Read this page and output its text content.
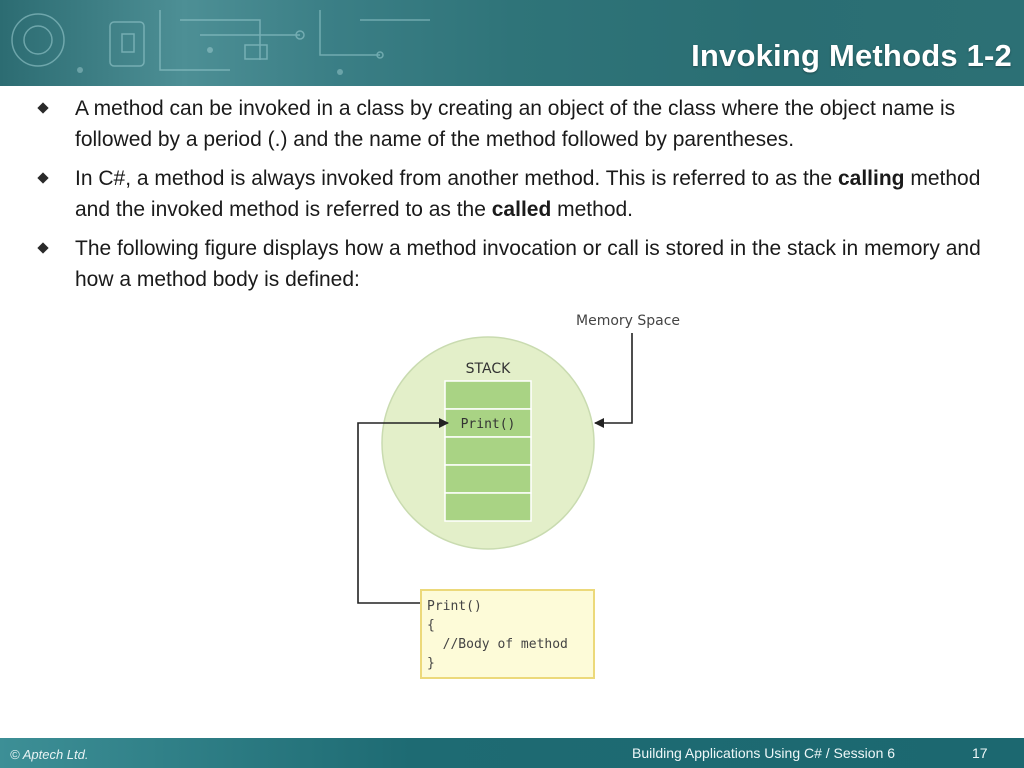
Invoking Methods 1-2
A method can be invoked in a class by creating an object of the class where the object name is followed by a period (.) and the name of the method followed by parentheses.
In C#, a method is always invoked from another method. This is referred to as the calling method and the invoked method is referred to as the called method.
The following figure displays how a method invocation or call is stored in the stack in memory and how a method body is defined:
Memory Space
STACK
Print()
Print()
{
//Body of method
}
© Aptech Ltd.	Building Applications Using C# / Session 6	17
